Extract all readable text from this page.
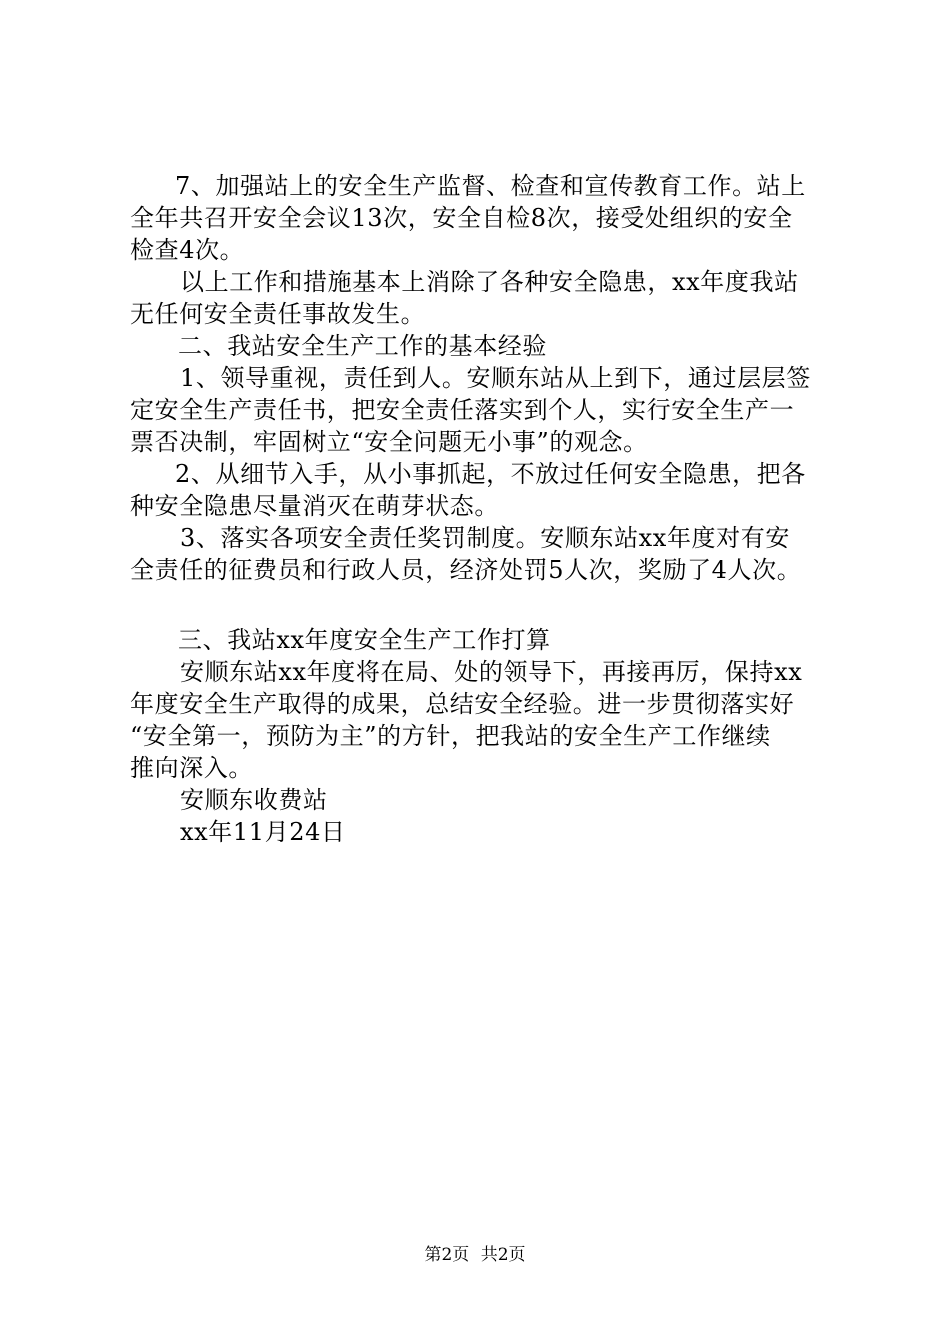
7、加强站上的安全生产监督、检查和宣传教育工作。站上
全年共召开安全会议13次，安全自检8次，接受处组织的安全
检查4次。
以上工作和措施基本上消除了各种安全隐患，xx年度我站
无任何安全责任事故发生。
二、我站安全生产工作的基本经验
1、领导重视，责任到人。安顺东站从上到下，通过层层签
定安全生产责任书，把安全责任落实到个人，实行安全生产一
票否决制，牢固树立“安全问题无小事”的观念。
2、从细节入手，从小事抓起，不放过任何安全隐患，把各
种安全隐患尽量消灭在萌芽状态。
3、落实各项安全责任奖罚制度。安顺东站xx年度对有安
全责任的征费员和行政人员，经济处罚5人次，奖励了4人次。
三、我站xx年度安全生产工作打算
安顺东站xx年度将在局、处的领导下，再接再厉，保持xx
年度安全生产取得的成果，总结安全经验。进一步贯彻落实好
“安全第一，预防为主”的方针，把我站的安全生产工作继续
推向深入。
安顺东收费站
xx年11月24日
第2页 共2页
